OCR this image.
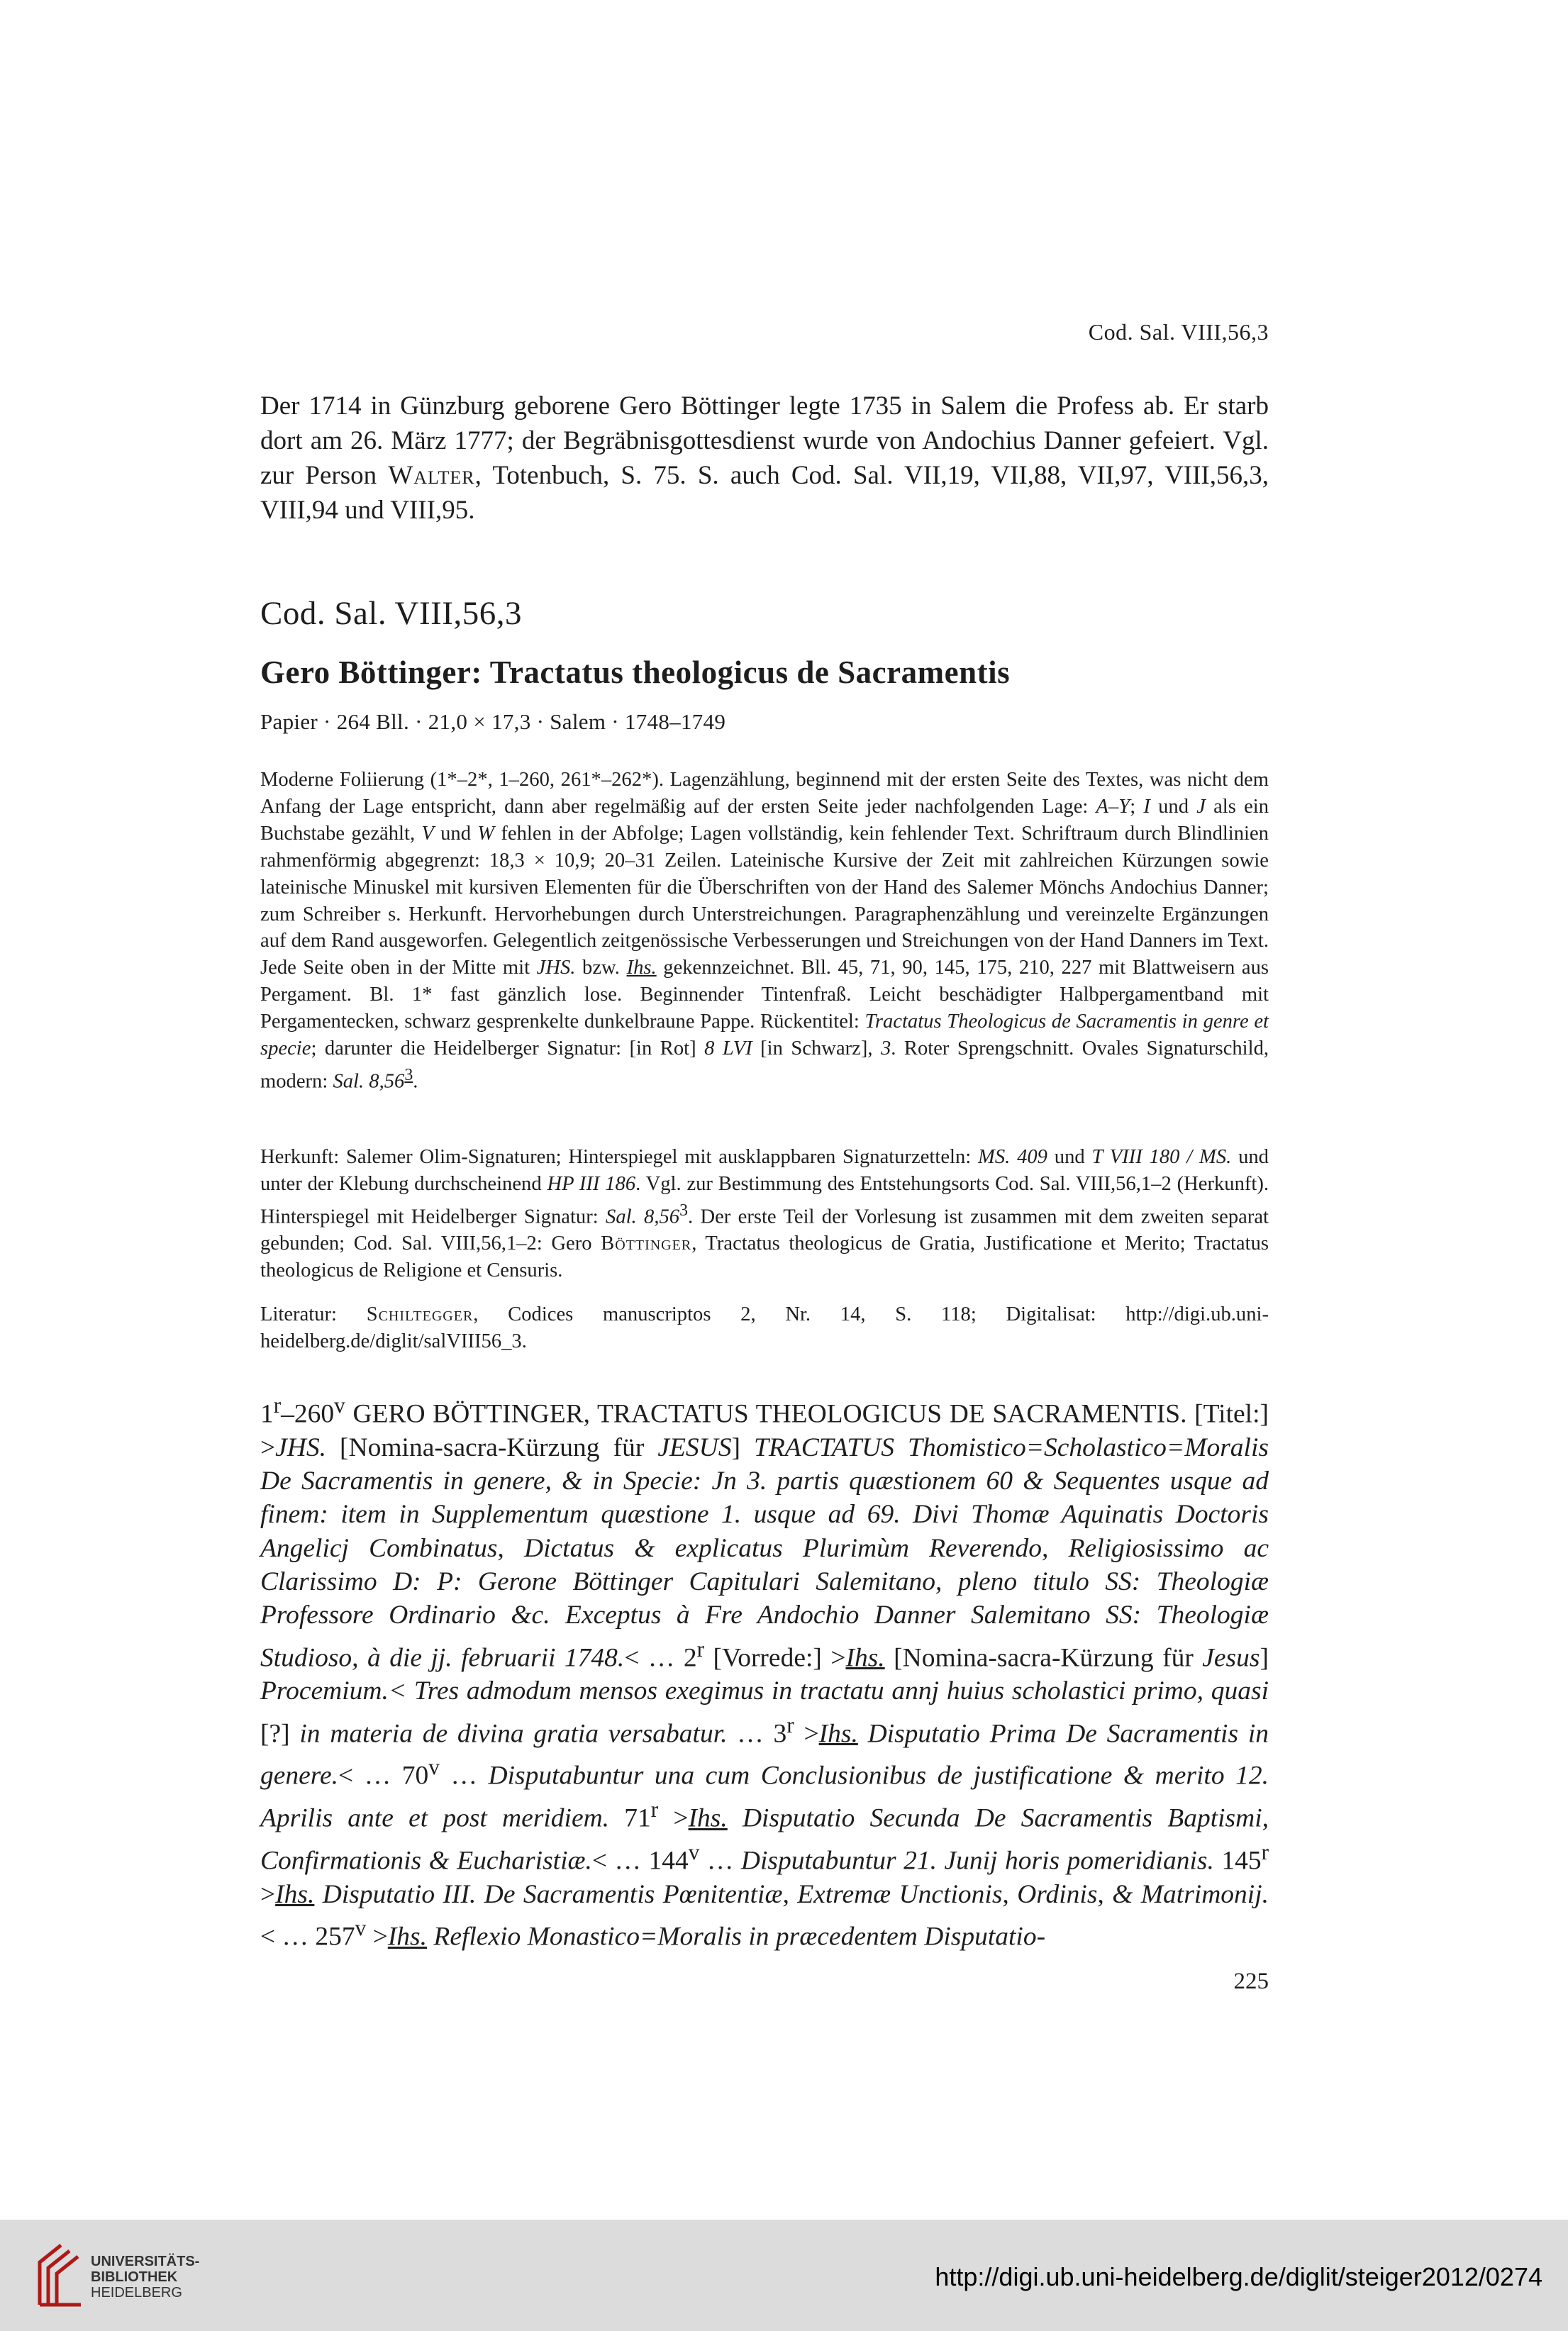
Cod. Sal. VIII,56,3

Der 1714 in Günzburg geborene Gero Böttinger legte 1735 in Salem die Profess ab. Er starb dort am 26. März 1777; der Begräbnisgottesdienst wurde von Andochius Danner gefeiert. Vgl. zur Person Walter, Totenbuch, S. 75. S. auch Cod. Sal. VII,19, VII,88, VII,97, VIII,56,3, VIII,94 und VIII,95.

Cod. Sal. VIII,56,3
Gero Böttinger: Tractatus theologicus de Sacramentis

Papier · 264 Bll. · 21,0 × 17,3 · Salem · 1748–1749

Moderne Foliierung (1*–2*, 1–260, 261*–262*). Lagenzählung, beginnend mit der ersten Seite des Textes, was nicht dem Anfang der Lage entspricht, dann aber regelmäßig auf der ersten Seite jeder nachfolgenden Lage: A–Y; I und J als ein Buchstabe gezählt, V und W fehlen in der Abfolge; Lagen vollständig, kein fehlender Text. Schriftraum durch Blindlinien rahmenförmig abgegrenzt: 18,3 × 10,9; 20–31 Zeilen. Lateinische Kursive der Zeit mit zahlreichen Kürzungen sowie lateinische Minuskel mit kursiven Elementen für die Überschriften von der Hand des Salemer Mönchs Andochius Danner; zum Schreiber s. Herkunft. Hervorhebungen durch Unterstreichungen. Paragraphenzählung und vereinzelte Ergänzungen auf dem Rand ausgeworfen. Gelegentlich zeitgenössische Verbesserungen und Streichungen von der Hand Danners im Text. Jede Seite oben in der Mitte mit JHS. bzw. Ihs. gekennzeichnet. Bll. 45, 71, 90, 145, 175, 210, 227 mit Blattweisern aus Pergament. Bl. 1* fast gänzlich lose. Beginnender Tintenfraß. Leicht beschädigter Halbpergamentband mit Pergamentecken, schwarz gesprenkelte dunkelbraune Pappe. Rückentitel: Tractatus Theologicus de Sacramentis in genre et specie; darunter die Heidelberger Signatur: [in Rot] 8 LVI [in Schwarz], 3. Roter Sprengschnitt. Ovales Signaturschild, modern: Sal. 8,56$^3$.

Herkunft: Salemer Olim-Signaturen; Hinterspiegel mit ausklappbaren Signaturzetteln: MS. 409 und T VIII 180 / MS. und unter der Klebung durchscheinend HP III 186. Vgl. zur Bestimmung des Entstehungsorts Cod. Sal. VIII,56,1–2 (Herkunft). Hinterspiegel mit Heidelberger Signatur: Sal. 8,56$^3$. Der erste Teil der Vorlesung ist zusammen mit dem zweiten separat gebunden; Cod. Sal. VIII,56,1–2: Gero Böttinger, Tractatus theologicus de Gratia, Justificatione et Merito; Tractatus theologicus de Religione et Censuris.

Literatur: Schiltegger, Codices manuscriptos 2, Nr. 14, S. 118; Digitalisat: http://digi.ub.uni-heidelberg.de/diglit/salVIII56_3.

1$^r$–260$^v$ GERO BÖTTINGER, TRACTATUS THEOLOGICUS DE SACRAMENTIS. [Titel:] >JHS. [Nomina-sacra-Kürzung für JESUS] TRACTATUS Thomistico=Scholastico=Moralis De Sacramentis in genere, & in Specie: Jn 3. partis quæstionem 60 & Sequentes usque ad finem: item in Supplementum quæstione 1. usque ad 69. Divi Thomæ Aquinatis Doctoris Angelicj Combinatus, Dictatus & explicatus Plurimùm Reverendo, Religiosissimo ac Clarissimo D: P: Gerone Böttinger Capitulari Salemitano, pleno titulo SS: Theologiæ Professore Ordinario &c. Exceptus à Fre Andochio Danner Salemitano SS: Theologiæ Studioso, à die jj. februarii 1748.< … 2$^r$ [Vorrede:] >Ihs. [Nomina-sacra-Kürzung für Jesus] Procemium.< Tres admodum mensos exegimus in tractatu annj huius scholastici primo, quasi [?] in materia de divina gratia versabatur. … $3^r >Ihs$. Disputatio Prima De Sacramentis in genere.< … 70$^v$ … Disputabuntur una cum Conclusionibus de justificatione & merito 12. Aprilis ante et post meridiem. $71^r >Ihs$. Disputatio Secunda De Sacramentis Baptismi, Confirmationis & Eucharistiæ.< … 144$^v$ … Disputabuntur 21. Junij horis pomeridianis. $145^r >Ihs$. Disputatio III. De Sacramentis Pœnitentiæ, Extremæ Unctionis, Ordinis, & Matrimonij.< … $257^v >Ihs$. Reflexio Monastico=Moralis in præcedentem Disputatio-

225
UNIVERSITÄTS-
BIBLIOTHEK
HEIDELBERG
http://digi.ub.uni-heidelberg.de/diglit/steiger2012/0274
